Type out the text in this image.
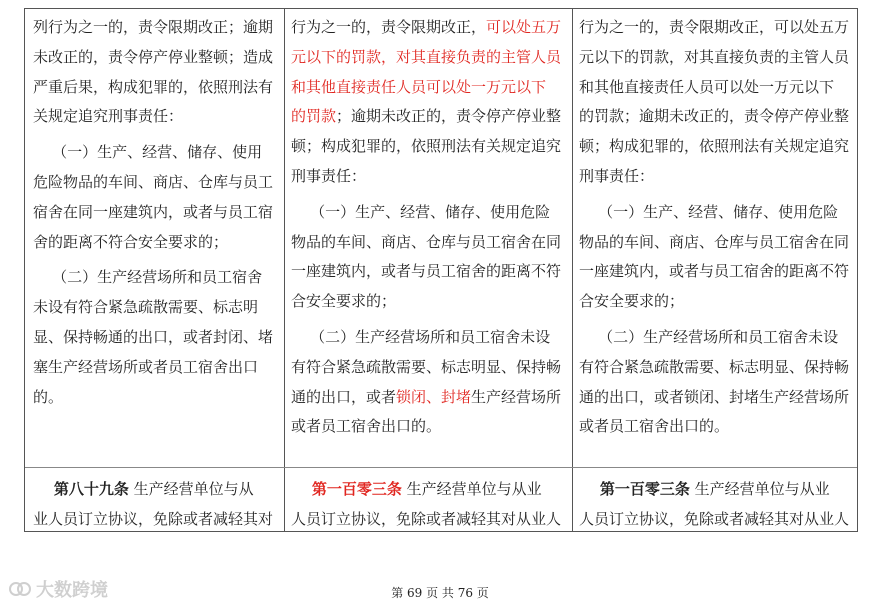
列行为之一的，责令限期改正；逾期

未改正的，责令停产停业整顿；造成

严重后果，构成犯罪的，依照刑法有

关规定追究刑事责任：

（一）生产、经营、储存、使用

危险物品的车间、商店、仓库与员工

宿舍在同一座建筑内，或者与员工宿

舍的距离不符合安全要求的；

（二）生产经营场所和员工宿舍

未设有符合紧急疏散需要、标志明

显、保持畅通的出口，或者封闭、堵

塞生产经营场所或者员工宿舍出口

的。

行为之一的，责令限期改正，可以处五万

元以下的罚款，对其直接负责的主管人员

和其他直接责任人员可以处一万元以下

的罚款；逾期未改正的，责令停产停业整

顿；构成犯罪的，依照刑法有关规定追究

刑事责任：

（一）生产、经营、储存、使用危险

物品的车间、商店、仓库与员工宿舍在同

一座建筑内，或者与员工宿舍的距离不符

合安全要求的；

（二）生产经营场所和员工宿舍未设

有符合紧急疏散需要、标志明显、保持畅

通的出口，或者锁闭、封堵生产经营场所

或者员工宿舍出口的。

行为之一的，责令限期改正，可以处五万

元以下的罚款，对其直接负责的主管人员

和其他直接责任人员可以处一万元以下

的罚款；逾期未改正的，责令停产停业整

顿；构成犯罪的，依照刑法有关规定追究

刑事责任：

（一）生产、经营、储存、使用危险

物品的车间、商店、仓库与员工宿舍在同

一座建筑内，或者与员工宿舍的距离不符

合安全要求的；

（二）生产经营场所和员工宿舍未设

有符合紧急疏散需要、标志明显、保持畅

通的出口，或者锁闭、封堵生产经营场所

或者员工宿舍出口的。

第八十九条 生产经营单位与从

业人员订立协议，免除或者减轻其对

第一百零三条 生产经营单位与从业

人员订立协议，免除或者减轻其对从业人

第一百零三条 生产经营单位与从业

人员订立协议，免除或者减轻其对从业人

第 69 页 共 76 页
大数跨境
